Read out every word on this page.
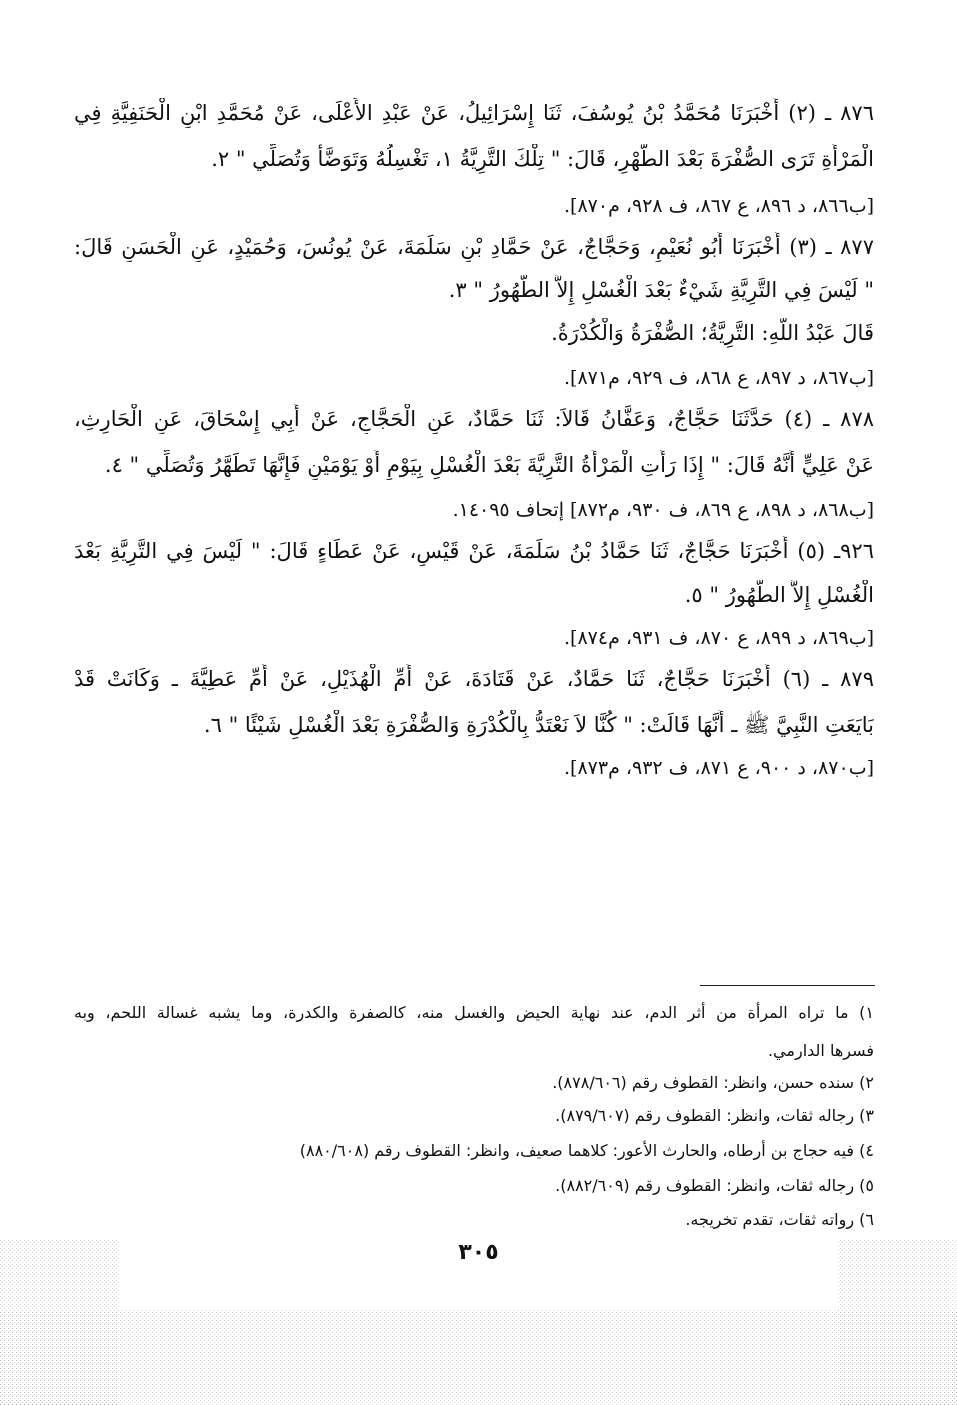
٨٧٦ ـ (٢) أَخْبَرَنَا مُحَمَّدُ بْنُ يُوسُفَ، ثَنَا إِسْرَائِيلُ، عَنْ عَبْدِ الأَعْلَى، عَنْ مُحَمَّدِ ابْنِ الْحَنَفِيَّةِ فِي
الْمَرْأَةِ تَرَى الصُّفْرَةَ بَعْدَ الطُّهْرِ، قَالَ: " تِلْكَ التَّرِيَّةُ ١، تَغْسِلُهُ وَتَوَضَّأُ وَتُصَلِّي " ٢.
[ب٨٦٦، د ٨٩٦، ع ٨٦٧، ف ٩٢٨، م٨٧٠].
٨٧٧ ـ (٣) أَخْبَرَنَا أَبُو نُعَيْمٍ، وَحَجَّاجٌ، عَنْ حَمَّادِ بْنِ سَلَمَةَ، عَنْ يُونُسَ، وَحُمَيْدٍ، عَنِ الْحَسَنِ قَالَ:
" لَيْسَ فِي التَّرِيَّةِ شَيْءٌ بَعْدَ الْغُسْلِ إِلاَّ الطُّهُورُ " ٣.
قَالَ عَبْدُ اللَّهِ: التَّرِيَّةُ؛ الصُّفْرَةُ وَالْكُدْرَةُ.
[ب٨٦٧، د ٨٩٧، ع ٨٦٨، ف ٩٢٩، م٨٧١].
٨٧٨ ـ (٤) حَدَّثَنَا حَجَّاجٌ، وَعَفَّانُ قَالاَ: ثَنَا حَمَّادٌ، عَنِ الْحَجَّاجِ، عَنْ أَبِي إِسْحَاقَ، عَنِ الْحَارِثِ،
عَنْ عَلِيٍّ أَنَّهُ قَالَ: " إِذَا رَأَتِ الْمَرْأَةُ التَّرِيَّةَ بَعْدَ الْغُسْلِ بِيَوْمٍ أَوْ يَوْمَيْنِ فَإِنَّهَا تَطَهَّرُ وَتُصَلِّي " ٤.
[ب٨٦٨، د ٨٩٨، ع ٨٦٩، ف ٩٣٠، م٨٧٢] إتحاف ١٤٠٩٥.
٩٢٦ـ (٥) أَخْبَرَنَا حَجَّاجٌ، ثَنَا حَمَّادُ بْنُ سَلَمَةَ، عَنْ قَيْسٍ، عَنْ عَطَاءٍ قَالَ: " لَيْسَ فِي التَّرِيَّةِ بَعْدَ
الْغُسْلِ إِلاَّ الطُّهُورُ " ٥.
[ب٨٦٩، د ٨٩٩، ع ٨٧٠، ف ٩٣١، م٨٧٤].
٨٧٩ ـ (٦) أَخْبَرَنَا حَجَّاجٌ، ثَنَا حَمَّادٌ، عَنْ قَتَادَةَ، عَنْ أُمِّ الْهُذَيْلِ، عَنْ أُمِّ عَطِيَّةَ ـ وَكَانَتْ قَدْ
بَايَعَتِ النَّبِيَّ ﷺ ـ أَنَّهَا قَالَتْ: " كُنَّا لاَ نَعْتَدُّ بِالْكُدْرَةِ وَالصُّفْرَةِ بَعْدَ الْغُسْلِ شَيْئًا " ٦.
[ب٨٧٠، د ٩٠٠، ع ٨٧١، ف ٩٣٢، م٨٧٣].
١) ما تراه المرأة من أثر الدم، عند نهاية الحيض والغسل منه، كالصفرة والكدرة، وما يشبه غسالة اللحم، وبه
فسرها الدارمي.
٢) سنده حسن، وانظر: القطوف رقم (٨٧٨/٦٠٦).
٣) رجاله ثقات، وانظر: القطوف رقم (٨٧٩/٦٠٧).
٤) فيه حجاج بن أرطاه، والحارث الأعور: كلاهما صعيف، وانظر: القطوف رقم (٨٨٠/٦٠٨)
٥) رجاله ثقات، وانظر: القطوف رقم (٨٨٢/٦٠٩).
٦) رواته ثقات، تقدم تخريجه.
٣٠٥
